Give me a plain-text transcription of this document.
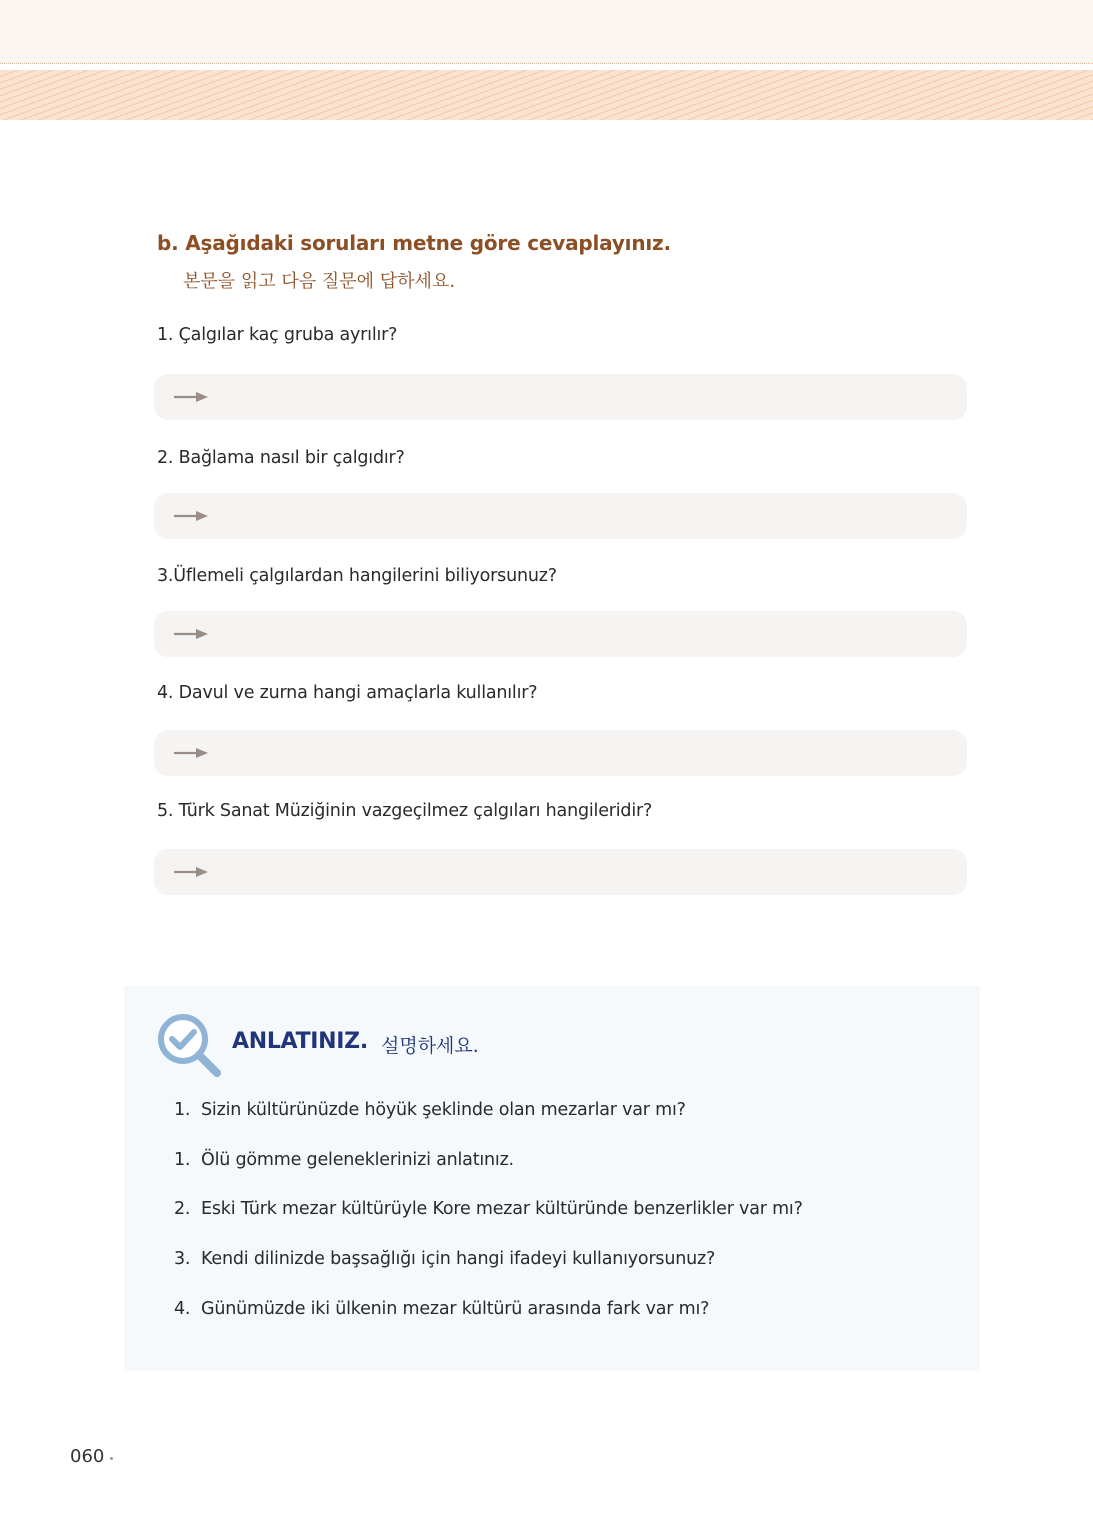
b. Aşağıdaki soruları metne göre cevaplayınız.
본문을 읽고 다음 질문에 답하세요.
1. Çalgılar kaç gruba ayrılır?
2. Bağlama nasıl bir çalgıdır?
3.Üflemeli çalgılardan hangilerini biliyorsunuz?
4. Davul ve zurna hangi amaçlarla kullanılır?
5. Türk Sanat Müziğinin vazgeçilmez çalgıları hangileridir?
ANLATINIZ. 설명하세요.
1.  Sizin kültürünüzde höyük şeklinde olan mezarlar var mı?
1.  Ölü gömme geleneklerinizi anlatınız.
2.  Eski Türk mezar kültürüyle Kore mezar kültüründe benzerlikler var mı?
3.  Kendi dilinizde başsağlığı için hangi ifadeyi kullanıyorsunuz?
4.  Günümüzde iki ülkenin mezar kültürü arasında fark var mı?
060
